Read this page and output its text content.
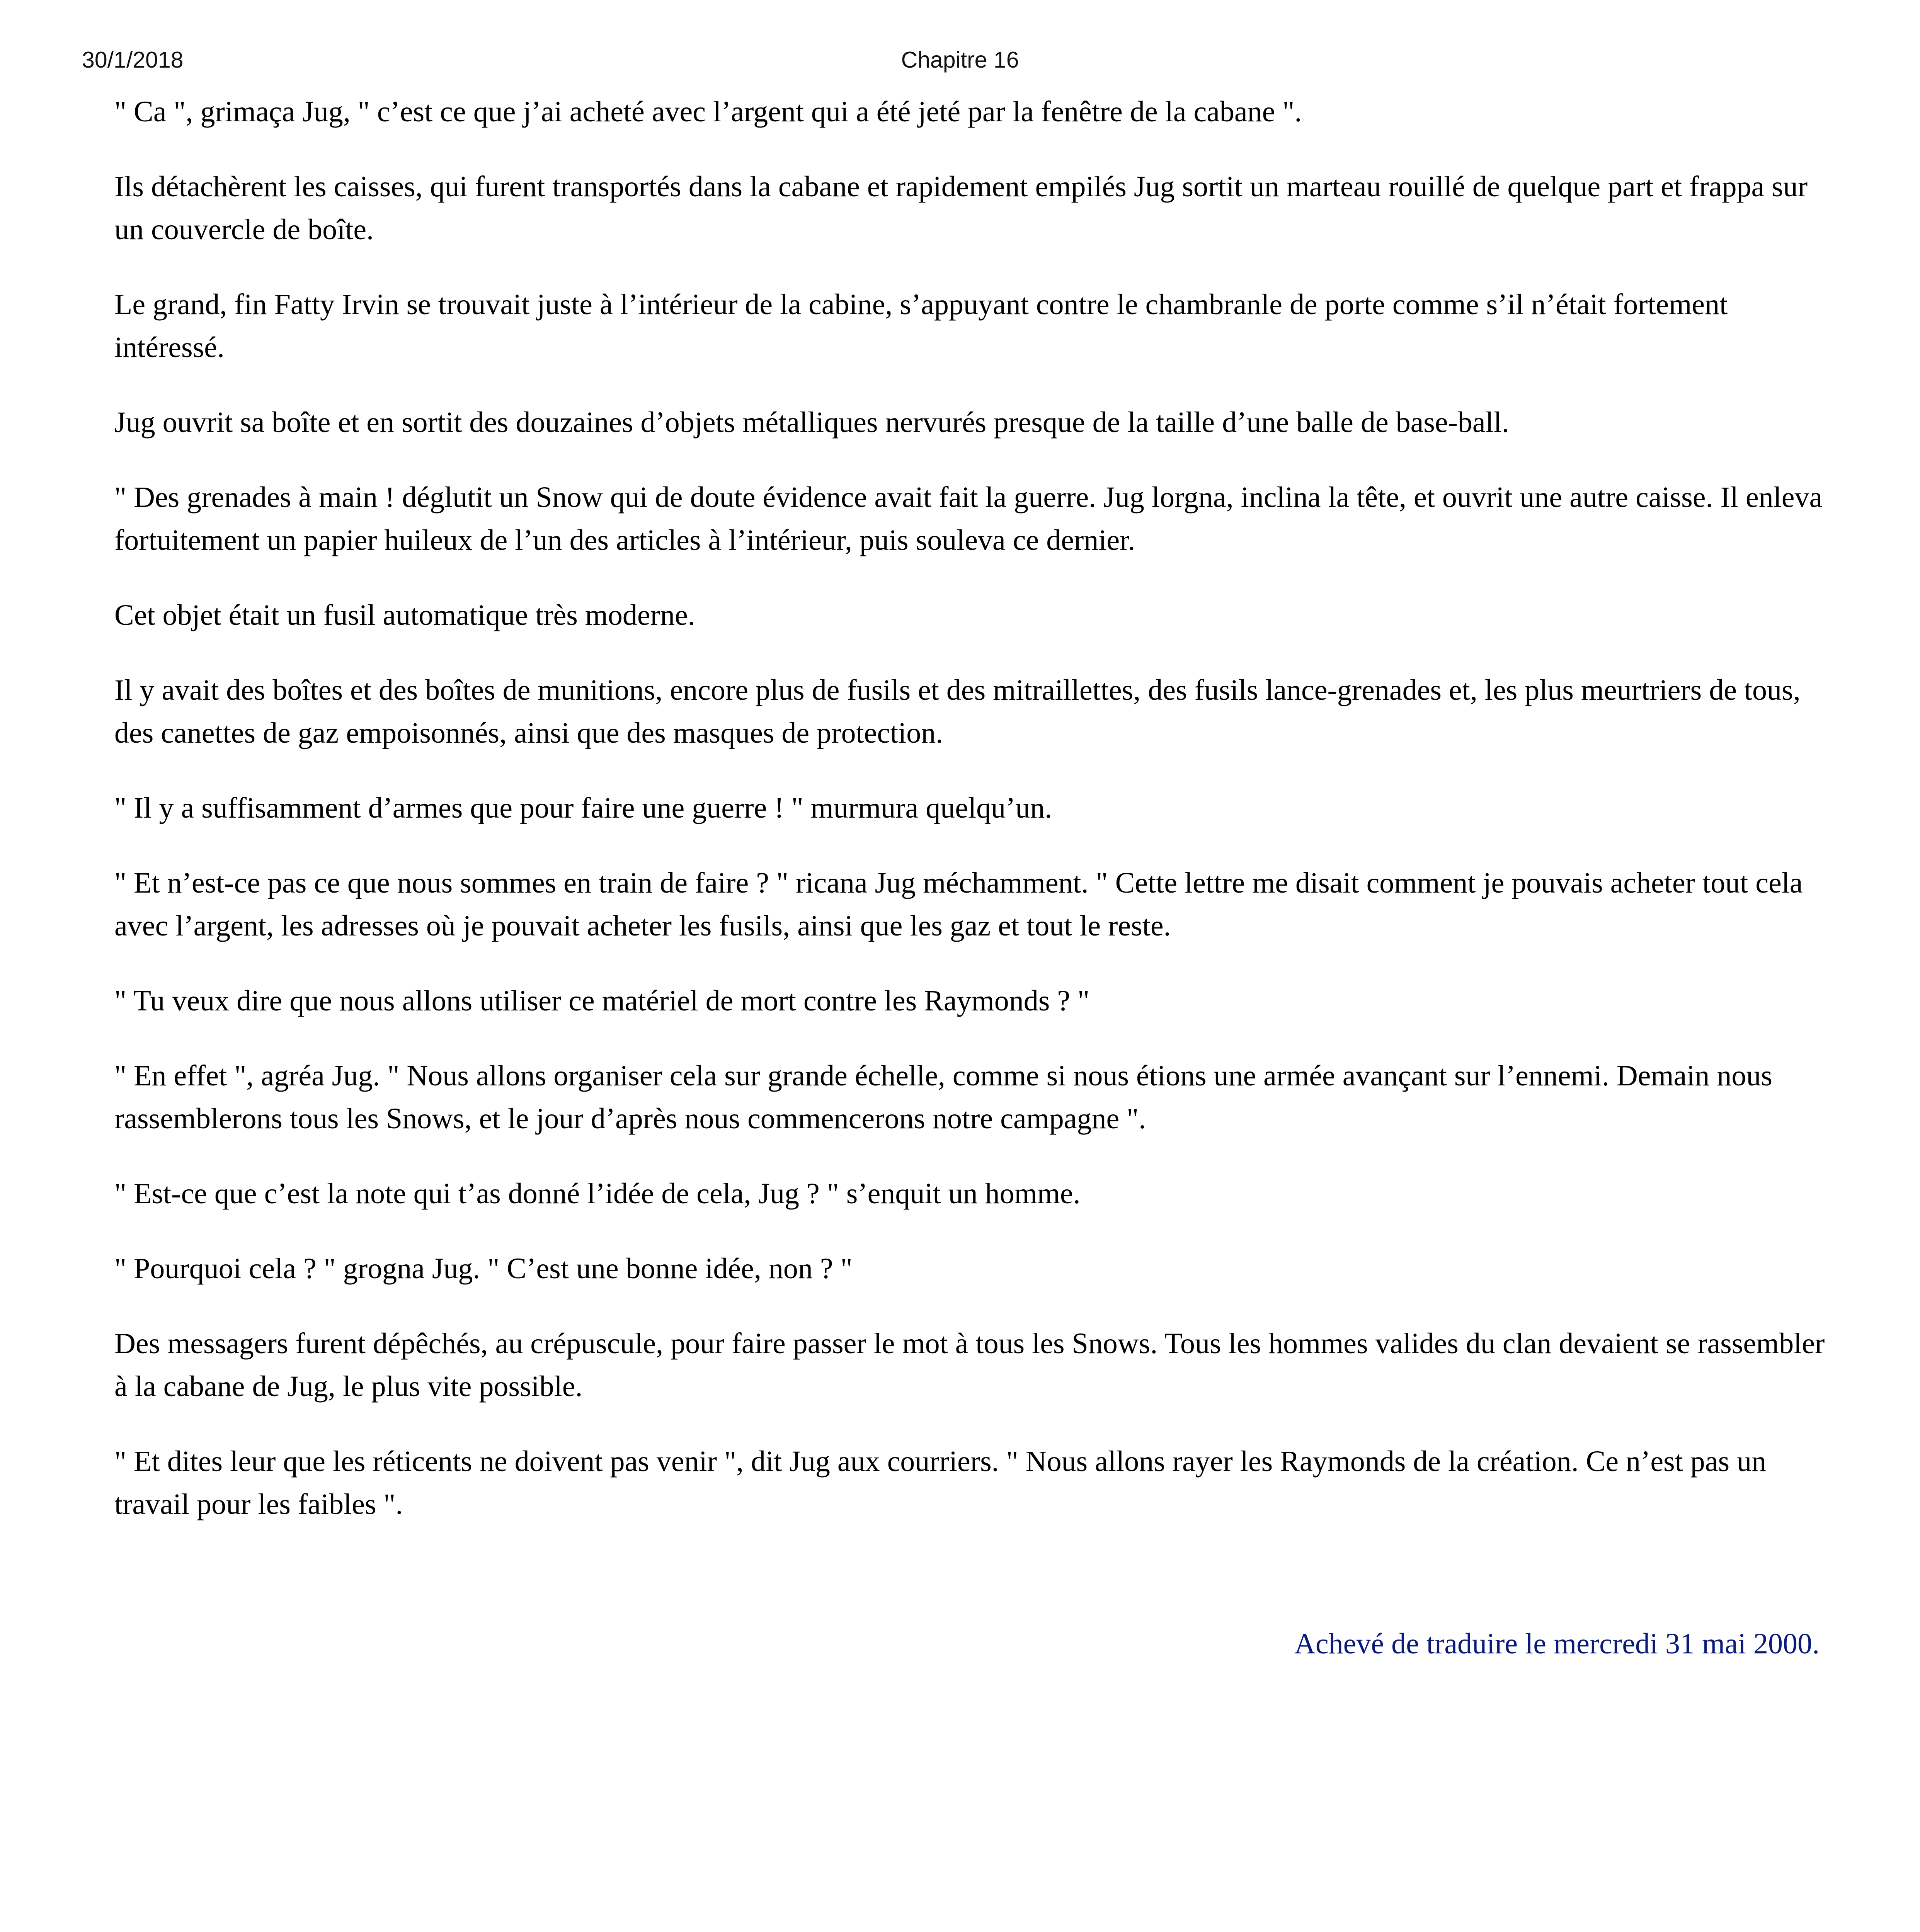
30/1/2018	Chapitre 16

" Ca ", grimaça Jug, " c’est ce que j’ai acheté avec l’argent qui a été jeté par la fenêtre de la cabane ".

Ils détachèrent les caisses, qui furent transportés dans la cabane et rapidement empilés Jug sortit un marteau rouillé de quelque part et frappa sur un couvercle de boîte.

Le grand, fin Fatty Irvin se trouvait juste à l’intérieur de la cabine, s’appuyant contre le chambranle de porte comme s’il n’était fortement intéressé.

Jug ouvrit sa boîte et en sortit des douzaines d’objets métalliques nervurés presque de la taille d’une balle de base-ball.

" Des grenades à main ! déglutit un Snow qui de doute évidence avait fait la guerre. Jug lorgna, inclina la tête, et ouvrit une autre caisse. Il enleva fortuitement un papier huileux de l’un des articles à l’intérieur, puis souleva ce dernier.

Cet objet était un fusil automatique très moderne.

Il y avait des boîtes et des boîtes de munitions, encore plus de fusils et des mitraillettes, des fusils lance-grenades et, les plus meurtriers de tous, des canettes de gaz empoisonnés, ainsi que des masques de protection.

" Il y a suffisamment d’armes que pour faire une guerre ! " murmura quelqu’un.

" Et n’est-ce pas ce que nous sommes en train de faire ? " ricana Jug méchamment. " Cette lettre me disait comment je pouvais acheter tout cela avec l’argent, les adresses où je pouvait acheter les fusils, ainsi que les gaz et tout le reste.

" Tu veux dire que nous allons utiliser ce matériel de mort contre les Raymonds ? "

" En effet ", agréa Jug. " Nous allons organiser cela sur grande échelle, comme si nous étions une armée avançant sur l’ennemi. Demain nous rassemblerons tous les Snows, et le jour d’après nous commencerons notre campagne ".

" Est-ce que c’est la note qui t’as donné l’idée de cela, Jug ? " s’enquit un homme.

" Pourquoi cela ? " grogna Jug. " C’est une bonne idée, non ? "

Des messagers furent dépêchés, au crépuscule, pour faire passer le mot à tous les Snows. Tous les hommes valides du clan devaient se rassembler à la cabane de Jug, le plus vite possible.

" Et dites leur que les réticents ne doivent pas venir ", dit Jug aux courriers. " Nous allons rayer les Raymonds de la création. Ce n’est pas un travail pour les faibles ".

Achevé de traduire le mercredi 31 mai 2000.
